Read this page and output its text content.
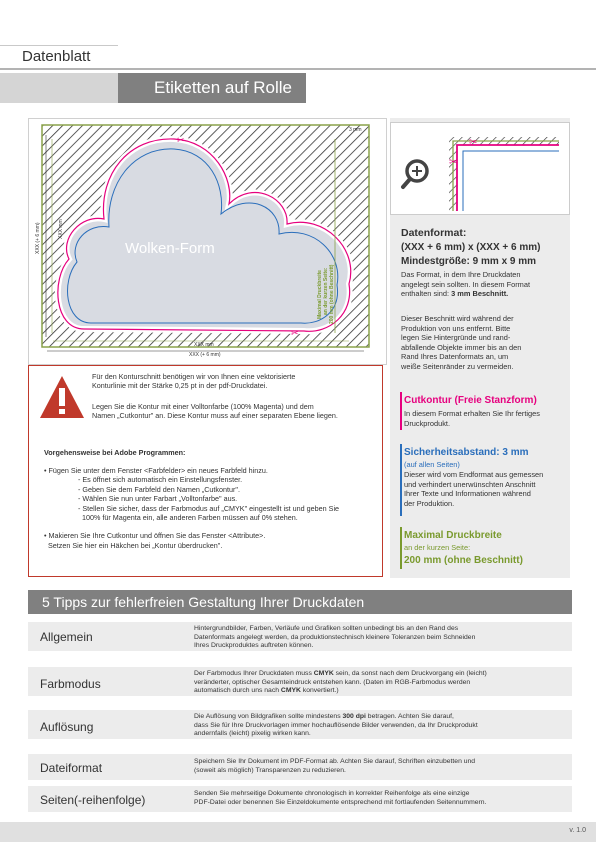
Datenblatt
Etiketten auf Rolle
Wolken-Form
XXX (+ 6 mm)	XXX mm
XXX mm
XXX (+ 6 mm)
3 mm
Maximal Druckbreite an der kurzen Seite: 200 mm (ohne Beschnitt)
✂
✂
✂
✂
Datenformat:
(XXX + 6 mm) x (XXX + 6 mm)
Mindestgröße: 9 mm x 9 mm
Das Format, in dem Ihre Druckdaten
angelegt sein sollten. In diesem Format
enthalten sind: 3 mm Beschnitt.
Dieser Beschnitt wird während der
Produktion von uns entfernt. Bitte
legen Sie Hintergründe und rand-
abfallende Objekte immer bis an den
Rand Ihres Datenformats an, um
weiße Seitenränder zu vermeiden.
Cutkontur (Freie Stanzform)
In diesem Format erhalten Sie Ihr fertiges
Druckprodukt.
Sicherheitsabstand: 3 mm
(auf allen Seiten)
Dieser wird vom Endformat aus gemessen
und verhindert unerwünschten Anschnitt
Ihrer Texte und Informationen während
der Produktion.
Maximal Druckbreite
an der kurzen Seite:
200 mm (ohne Beschnitt)
Für den Konturschnitt benötigen wir von Ihnen eine vektorisierte
Konturlinie mit der Stärke 0,25 pt in der pdf-Druckdatei.
Legen Sie die Kontur mit einer Volltonfarbe (100% Magenta) und dem
Namen „Cutkontur" an. Diese Kontur muss auf einer separaten Ebene liegen.
Vorgehensweise bei Adobe Programmen:
• Fügen Sie unter dem Fenster <Farbfelder> ein neues Farbfeld hinzu.
- Es öffnet sich automatisch ein Einstellungsfenster.
- Geben Sie dem Farbfeld den Namen „Cutkontur".
- Wählen Sie nun unter Farbart „Volltonfarbe" aus.
- Stellen Sie sicher, dass der Farbmodus auf „CMYK" eingestellt ist und geben Sie
100% für Magenta ein, alle anderen Farben müssen auf 0% stehen.
• Makieren Sie Ihre Cutkontur und öffnen Sie das Fenster <Attribute>.
Setzen Sie hier ein Häkchen bei „Kontur überdrucken".
5 Tipps zur fehlerfreien Gestaltung Ihrer Druckdaten
Allgemein
Hintergrundbilder, Farben, Verläufe und Grafiken sollten unbedingt bis an den Rand des
Datenformats angelegt werden, da produktionstechnisch kleinere Toleranzen beim Schneiden
Ihres Druckproduktes auftreten können.
Farbmodus
Der Farbmodus Ihrer Druckdaten muss CMYK sein, da sonst nach dem Druckvorgang ein (leicht)
veränderter, optischer Gesamteindruck entstehen kann. (Daten im RGB-Farbmodus werden
automatisch durch uns nach CMYK konvertiert.)
Auflösung
Die Auflösung von Bildgrafiken sollte mindestens 300 dpi betragen. Achten Sie darauf,
dass Sie für Ihre Druckvorlagen immer hochauflösende Bilder verwenden, da Ihr Druckprodukt
andernfalls (leicht) pixelig wirken kann.
Dateiformat	Speichern Sie Ihr Dokument im PDF-Format ab. Achten Sie darauf, Schriften einzubetten und
(soweit als möglich) Transparenzen zu reduzieren.
Seiten(-reihenfolge)	Senden Sie mehrseitige Dokumente chronologisch in korrekter Reihenfolge als eine einzige
PDF-Datei oder benennen Sie Einzeldokumente entsprechend mit fortlaufenden Seitennummern.
v. 1.0
